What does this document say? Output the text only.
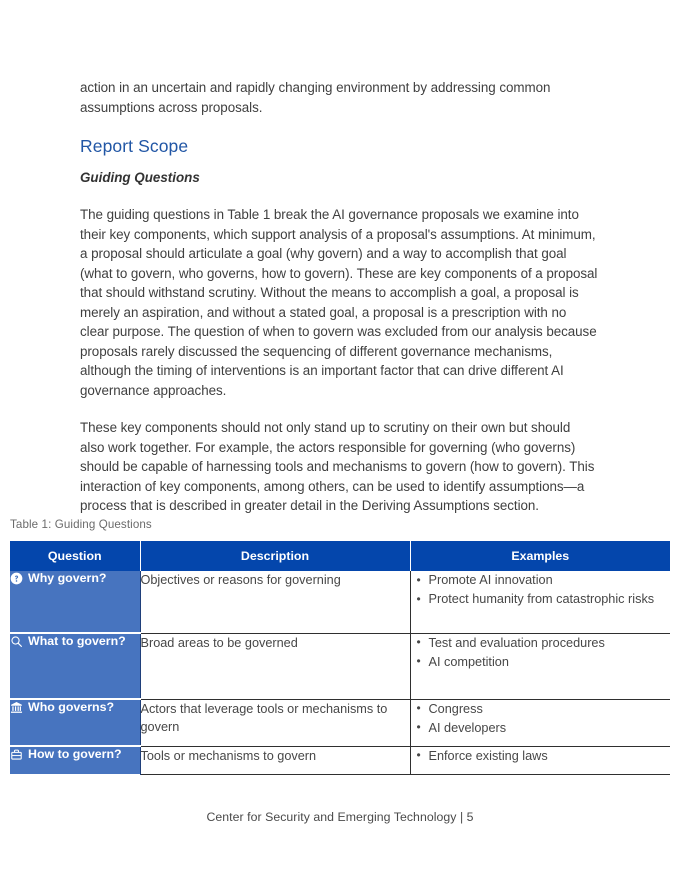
action in an uncertain and rapidly changing environment by addressing common assumptions across proposals.

Report Scope
Guiding Questions

The guiding questions in Table 1 break the AI governance proposals we examine into their key components, which support analysis of a proposal's assumptions. At minimum, a proposal should articulate a goal (why govern) and a way to accomplish that goal (what to govern, who governs, how to govern). These are key components of a proposal that should withstand scrutiny. Without the means to accomplish a goal, a proposal is merely an aspiration, and without a stated goal, a proposal is a prescription with no clear purpose. The question of when to govern was excluded from our analysis because proposals rarely discussed the sequencing of different governance mechanisms, although the timing of interventions is an important factor that can drive different AI governance approaches.

These key components should not only stand up to scrutiny on their own but should also work together. For example, the actors responsible for governing (who governs) should be capable of harnessing tools and mechanisms to govern (how to govern). This interaction of key components, among others, can be used to identify assumptions—a process that is described in greater detail in the Deriving Assumptions section.

Table 1: Guiding Questions
Question	Description	Examples

Why govern?	Objectives or reasons for governing	
•Promote AI innovation
• Protect humanity from catastrophic risks

What to govern?	Broad areas to be governed	
•Test and evaluation procedures
• AI competition

Who governs?	Actors that leverage tools or mechanisms to govern	
• Congress
• AI developers

How to govern?	Tools or mechanisms to govern	
•Enforce existing laws
Center for Security and Emerging Technology | 5
